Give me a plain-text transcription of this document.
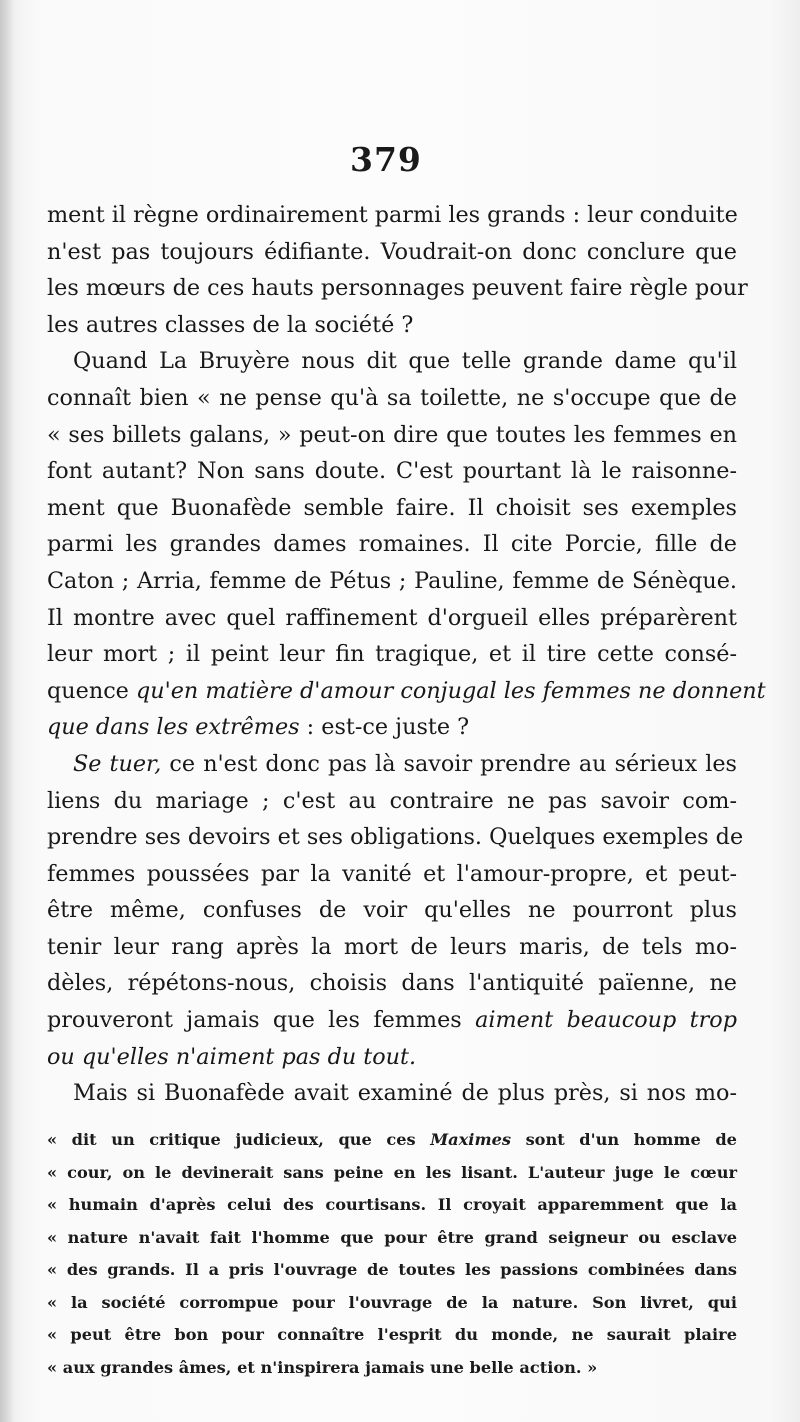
379
ment il règne ordinairement parmi les grands : leur conduite
n'est pas toujours édifiante. Voudrait-on donc conclure que
les mœurs de ces hauts personnages peuvent faire règle pour
les autres classes de la société ?
Quand La Bruyère nous dit que telle grande dame qu'il
connaît bien « ne pense qu'à sa toilette, ne s'occupe que de
« ses billets galans, » peut-on dire que toutes les femmes en
font autant? Non sans doute. C'est pourtant là le raisonne-
ment que Buonafède semble faire. Il choisit ses exemples
parmi les grandes dames romaines. Il cite Porcie, fille de
Caton ; Arria, femme de Pétus ; Pauline, femme de Sénèque.
Il montre avec quel raffinement d'orgueil elles préparèrent
leur mort ; il peint leur fin tragique, et il tire cette consé-
quence qu'en matière d'amour conjugal les femmes ne donnent
que dans les extrêmes : est-ce juste ?
Se tuer, ce n'est donc pas là savoir prendre au sérieux les
liens du mariage ; c'est au contraire ne pas savoir com-
prendre ses devoirs et ses obligations. Quelques exemples de
femmes poussées par la vanité et l'amour-propre, et peut-
être même, confuses de voir qu'elles ne pourront plus
tenir leur rang après la mort de leurs maris, de tels mo-
dèles, répétons-nous, choisis dans l'antiquité païenne, ne
prouveront jamais que les femmes aiment beaucoup trop
ou qu'elles n'aiment pas du tout.
Mais si Buonafède avait examiné de plus près, si nos mo-
« dit un critique judicieux, que ces Maximes sont d'un homme de
« cour, on le devinerait sans peine en les lisant. L'auteur juge le cœur
« humain d'après celui des courtisans. Il croyait apparemment que la
« nature n'avait fait l'homme que pour être grand seigneur ou esclave
« des grands. Il a pris l'ouvrage de toutes les passions combinées dans
« la société corrompue pour l'ouvrage de la nature. Son livret, qui
« peut être bon pour connaître l'esprit du monde, ne saurait plaire
« aux grandes âmes, et n'inspirera jamais une belle action. »
